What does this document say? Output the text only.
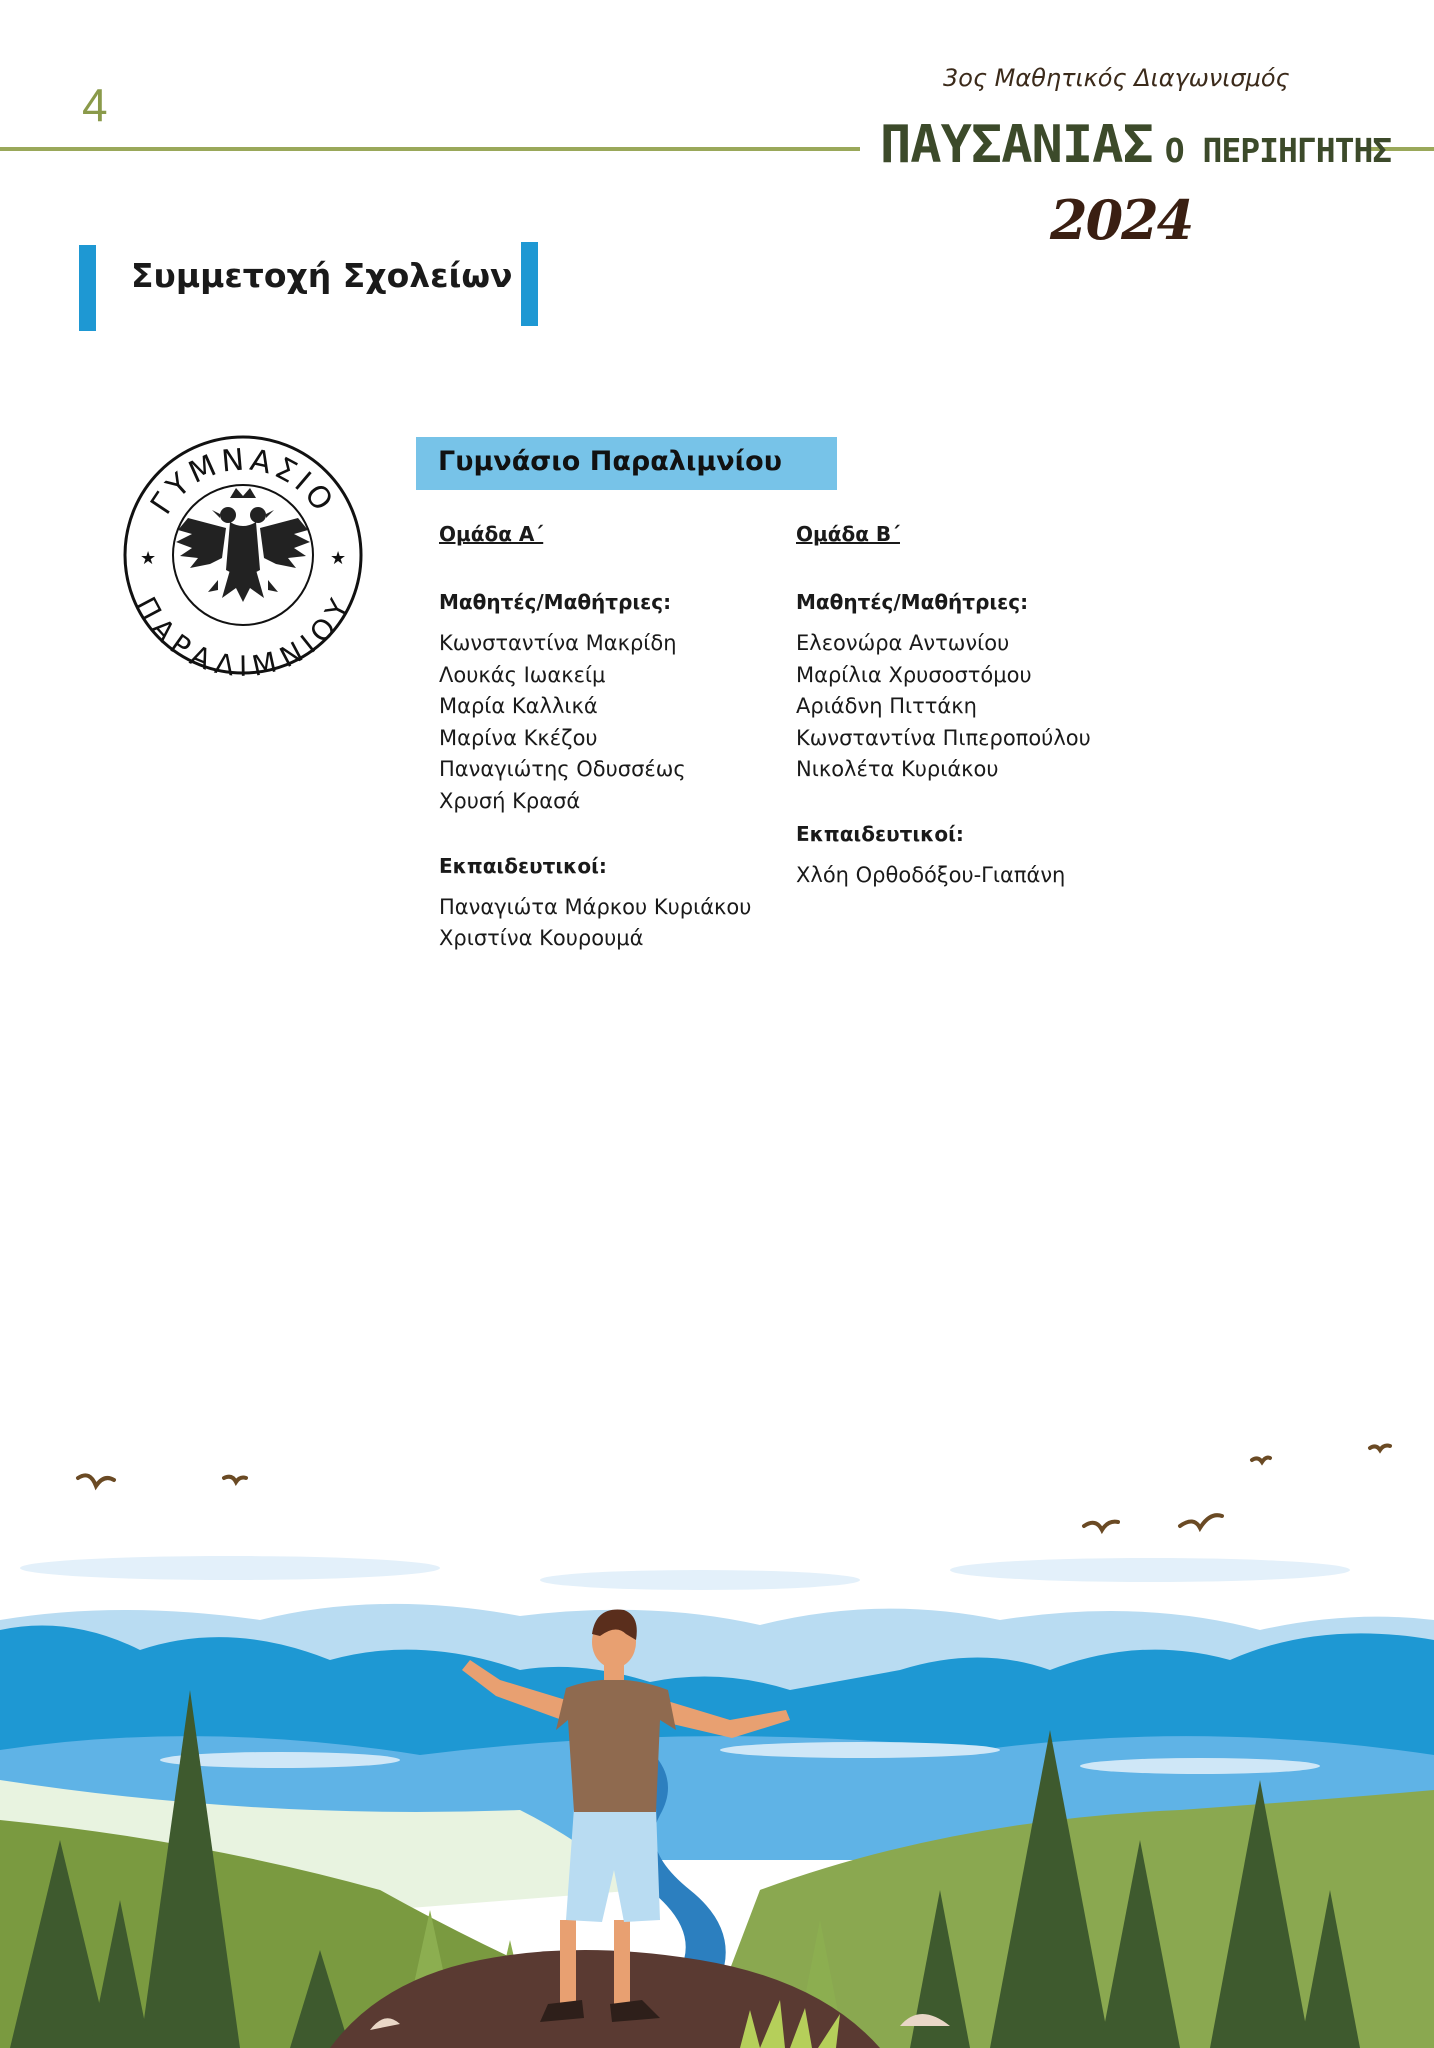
4
3ος Μαθητικός Διαγωνισμός
ΠΑΥΣΑΝΙΑΣ Ο ΠΕΡΙΗΓΗΤΗΣ
2024
Συμμετοχή Σχολείων
ΓΥΜΝΑΣΙΟ
ΠΑΡΑΛΙΜΝΙΟΥ
★	★
Γυμνάσιο Παραλιμνίου
Ομάδα Α΄
Μαθητές/Μαθήτριες:
Κωνσταντίνα Μακρίδη
Λουκάς Ιωακείμ
Μαρία Καλλικά
Μαρίνα Κκέζου
Παναγιώτης Οδυσσέως
Χρυσή Κρασά
Εκπαιδευτικοί:
Παναγιώτα Μάρκου Κυριάκου
Χριστίνα Κουρουμά
Ομάδα Β΄
Μαθητές/Μαθήτριες:
Ελεονώρα Αντωνίου
Μαρίλια Χρυσοστόμου
Αριάδνη Πιττάκη
Κωνσταντίνα Πιπεροπούλου
Νικολέτα Κυριάκου
Εκπαιδευτικοί:
Χλόη Ορθοδόξου-Γιαπάνη
